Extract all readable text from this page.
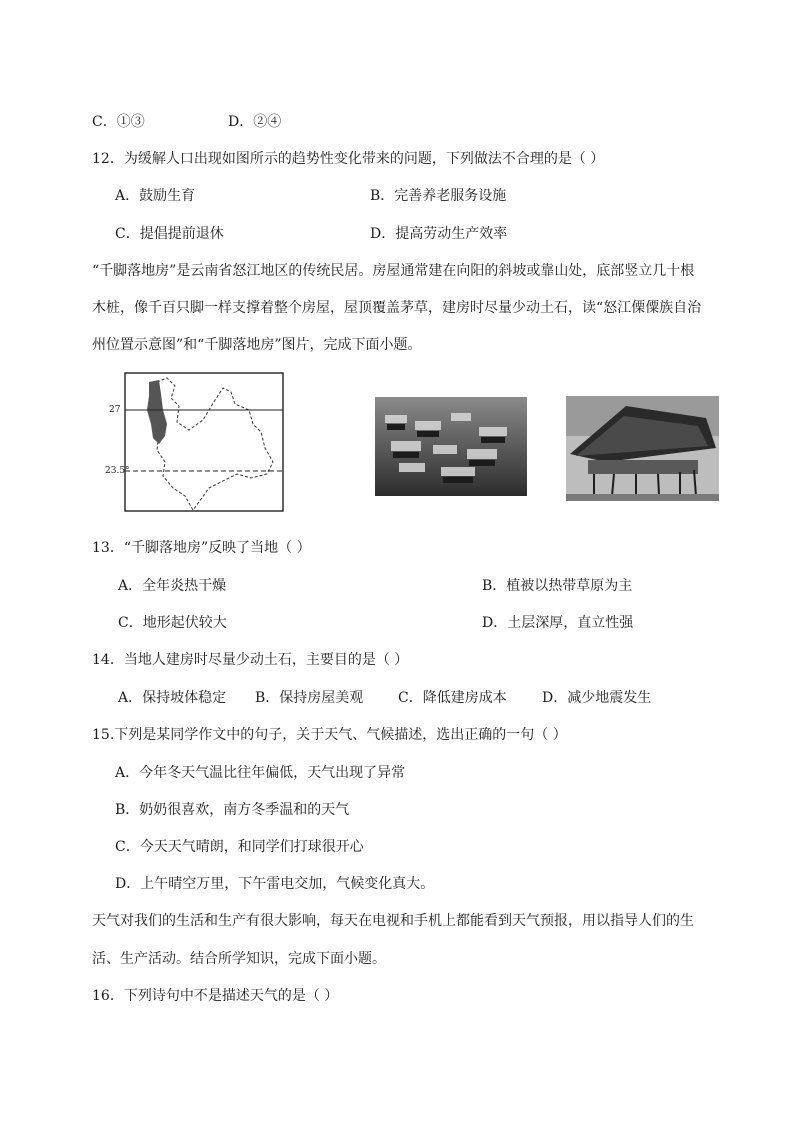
C．①③	D．②④
12．为缓解人口出现如图所示的趋势性变化带来的问题，下列做法不合理的是（ ）
A．鼓励生育	B．完善养老服务设施
C．提倡提前退休	D．提高劳动生产效率
“千脚落地房”是云南省怒江地区的传统民居。房屋通常建在向阳的斜坡或靠山处，底部竖立几十根
木桩，像千百只脚一样支撑着整个房屋，屋顶覆盖茅草，建房时尽量少动土石，读“怒江傈僳族自治
州位置示意图”和“千脚落地房”图片，完成下面小题。
27
23.5°
13．“千脚落地房”反映了当地（ ）
A．全年炎热干燥	B．植被以热带草原为主
C．地形起伏较大	D．土层深厚，直立性强
14．当地人建房时尽量少动土石，主要目的是（ ）
A．保持坡体稳定 B．保持房屋美观 C．降低建房成本	D．减少地震发生
15.下列是某同学作文中的句子，关于天气、气候描述，选出正确的一句（ ）
A．今年冬天气温比往年偏低，天气出现了异常
B．奶奶很喜欢，南方冬季温和的天气
C．今天天气晴朗，和同学们打球很开心
D．上午晴空万里，下午雷电交加，气候变化真大。
天气对我们的生活和生产有很大影响，每天在电视和手机上都能看到天气预报，用以指导人们的生
活、生产活动。结合所学知识，完成下面小题。
16．下列诗句中不是描述天气的是（ ）
